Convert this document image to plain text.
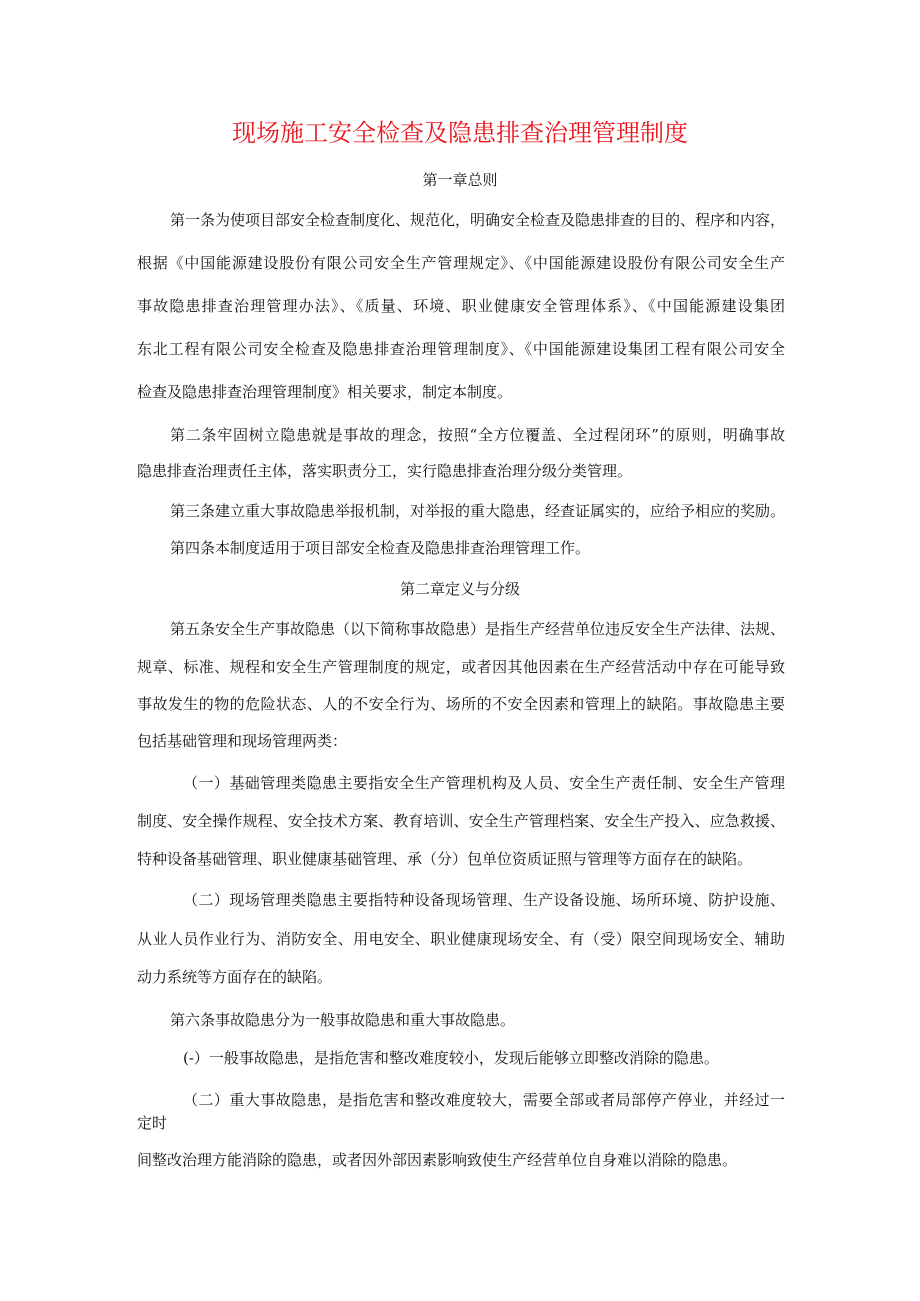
现场施工安全检查及隐患排查治理管理制度
第一章总则
第一条为使项目部安全检查制度化、规范化，明确安全检查及隐患排查的目的、程序和内容，
根据《中国能源建设股份有限公司安全生产管理规定》、《中国能源建设股份有限公司安全生产
事故隐患排查治理管理办法》、《质量、环境、职业健康安全管理体系》、《中国能源建设集团
东北工程有限公司安全检查及隐患排查治理管理制度》、《中国能源建设集团工程有限公司安全
检查及隐患排查治理管理制度》相关要求，制定本制度。
第二条牢固树立隐患就是事故的理念，按照“全方位覆盖、全过程闭环”的原则，明确事故
隐患排查治理责任主体，落实职责分工，实行隐患排查治理分级分类管理。
第三条建立重大事故隐患举报机制，对举报的重大隐患，经查证属实的，应给予相应的奖励。
第四条本制度适用于项目部安全检查及隐患排查治理管理工作。
第二章定义与分级
第五条安全生产事故隐患（以下简称事故隐患）是指生产经营单位违反安全生产法律、法规、
规章、标准、规程和安全生产管理制度的规定，或者因其他因素在生产经营活动中存在可能导致
事故发生的物的危险状态、人的不安全行为、场所的不安全因素和管理上的缺陷。事故隐患主要
包括基础管理和现场管理两类：
（一）基础管理类隐患主要指安全生产管理机构及人员、安全生产责任制、安全生产管理
制度、安全操作规程、安全技术方案、教育培训、安全生产管理档案、安全生产投入、应急救援、
特种设备基础管理、职业健康基础管理、承（分）包单位资质证照与管理等方面存在的缺陷。
（二）现场管理类隐患主要指特种设备现场管理、生产设备设施、场所环境、防护设施、
从业人员作业行为、消防安全、用电安全、职业健康现场安全、有（受）限空间现场安全、辅助
动力系统等方面存在的缺陷。
第六条事故隐患分为一般事故隐患和重大事故隐患。
(-）一般事故隐患，是指危害和整改难度较小，发现后能够立即整改消除的隐患。
（二）重大事故隐患，是指危害和整改难度较大，需要全部或者局部停产停业，并经过一
定时
间整改治理方能消除的隐患，或者因外部因素影响致使生产经营单位自身难以消除的隐患。
